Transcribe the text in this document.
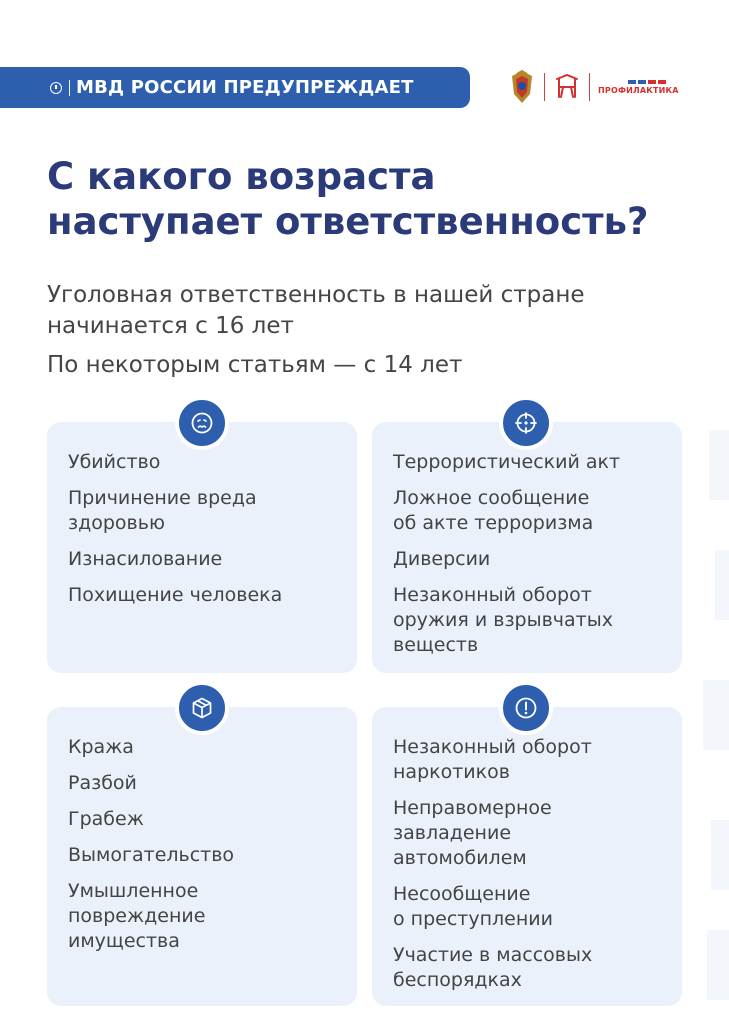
МВД РОССИИ ПРЕДУПРЕЖДАЕТ	ПРОФИЛАКТИКА
С какого возраста
наступает ответственность?

Уголовная ответственность в нашей стране
начинается с 16 лет

По некоторым статьям — с 14 лет

Убийство
Причинение вреда
здоровью
Изнасилование
Похищение человека
Террористический акт
Ложное сообщение
об акте терроризма
Диверсии
Незаконный оборот
оружия и взрывчатых
веществ
Кража
Разбой
Грабеж
Вымогательство
Умышленное
повреждение
имущества
Незаконный оборот
наркотиков
Неправомерное
завладение
автомобилем
Несообщение
о преступлении
Участие в массовых
беспорядках
